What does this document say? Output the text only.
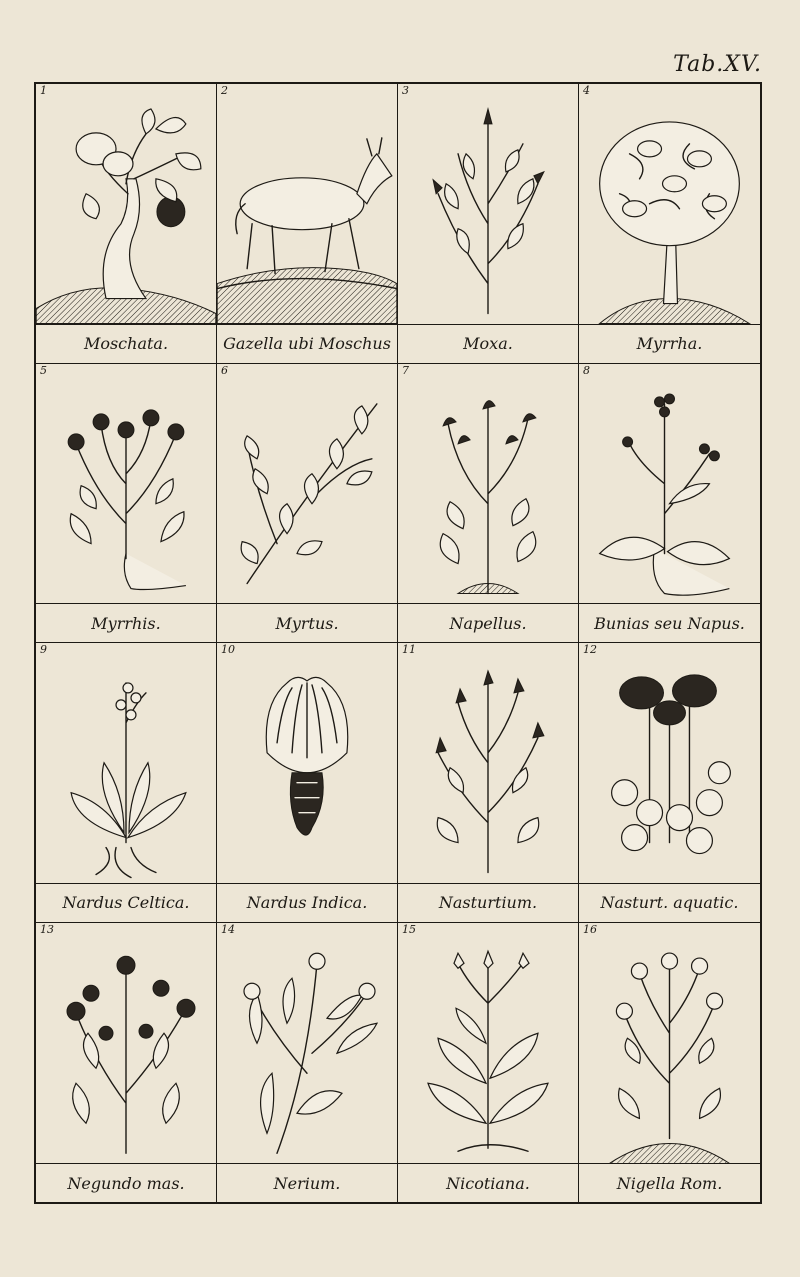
Tab.XV.
1
Moschata.
2
Gazella ubi Moschus
3
Moxa.
4
Myrrha.
5
Myrrhis.
6
Myrtus.
7
Napellus.
8
Bunias seu Napus.
9
Nardus Celtica.
10
Nardus Indica.
11
Nasturtium.
12
Nasturt. aquatic.
13
Negundo mas.
14
Nerium.
15
Nicotiana.
16
Nigella Rom.
